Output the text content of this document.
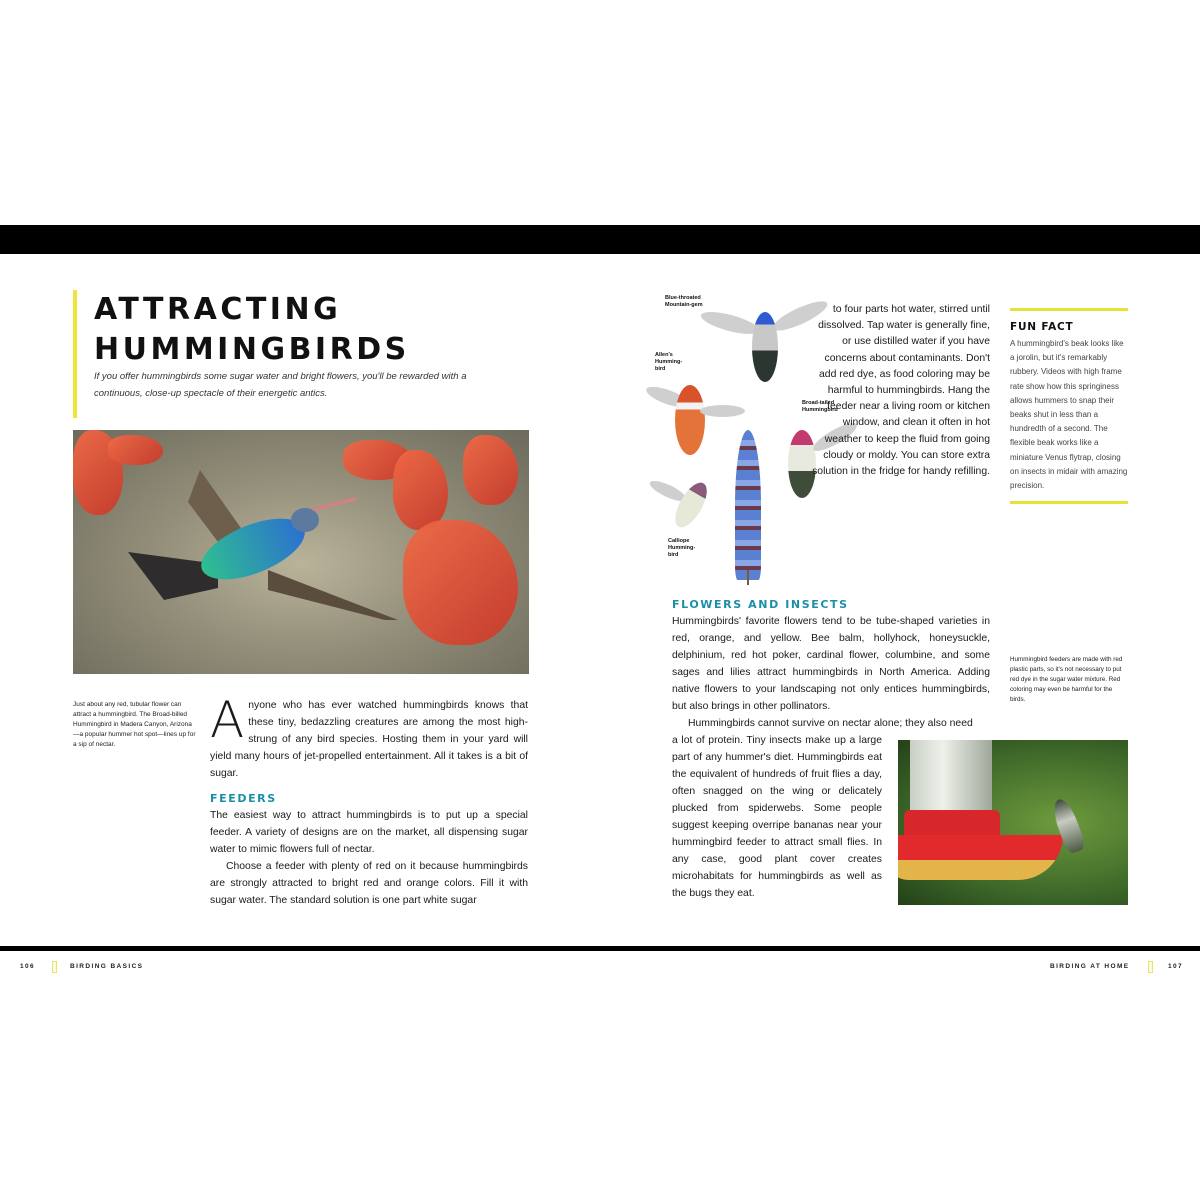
ATTRACTING
HUMMINGBIRDS

If you offer hummingbirds some sugar water and bright flowers, you'll be rewarded with a continuous, close-up spectacle of their energetic antics.

Just about any red, tubular flower can attract a hummingbird. The Broad-billed Hummingbird in Madera Canyon, Arizona—a popular hummer hot spot—lines up for a sip of nectar.	Anyone who has ever watched hummingbirds knows that these tiny, bedazzling creatures are among the most high-strung of any bird species. Hosting them in your yard will yield many hours of jet-propelled entertainment. All it takes is a bit of sugar.

FEEDERS

The easiest way to attract hummingbirds is to put up a special feeder. A variety of designs are on the market, all dispensing sugar water to mimic flowers full of nectar.

Choose a feeder with plenty of red on it because hummingbirds are strongly attracted to bright red and orange colors. Fill it with sugar water. The standard solution is one part white sugar

Blue-throated Mountain-gem
Allen's Humming-bird
Broad-tailed Hummingbird
Calliope Humming-bird

to four parts hot water, stirred until dissolved. Tap water is generally fine, or use distilled water if you have concerns about contaminants. Don't add red dye, as food coloring may be harmful to hummingbirds. Hang the feeder near a living room or kitchen window, and clean it often in hot weather to keep the fluid from going cloudy or moldy. You can store extra solution in the fridge for handy refilling.

FUN FACT

A hummingbird's beak looks like a jorolin, but it's remarkably rubbery. Videos with high frame rate show how this springiness allows hummers to snap their beaks shut in less than a hundredth of a second. The flexible beak works like a miniature Venus flytrap, closing on insects in midair with amazing precision.

FLOWERS AND INSECTS

Hummingbirds' favorite flowers tend to be tube-shaped varieties in red, orange, and yellow. Bee balm, hollyhock, honeysuckle, delphinium, red hot poker, cardinal flower, columbine, and some sages and lilies attract hummingbirds in North America. Adding native flowers to your landscaping not only entices hummingbirds, but also brings in other pollinators.

Hummingbirds cannot survive on nectar alone; they also need

a lot of protein. Tiny insects make up a large part of any hummer's diet. Hummingbirds eat the equivalent of hundreds of fruit flies a day, often snagged on the wing or delicately plucked from spiderwebs. Some people suggest keeping overripe bananas near your hummingbird feeder to attract small flies. In any case, good plant cover creates microhabitats for hummingbirds as well as the bugs they eat.

Hummingbird feeders are made with red plastic parts, so it's not necessary to put red dye in the sugar water mixture. Red coloring may even be harmful for the birds.

106	BIRDING BASICS	BIRDING AT HOME	107
